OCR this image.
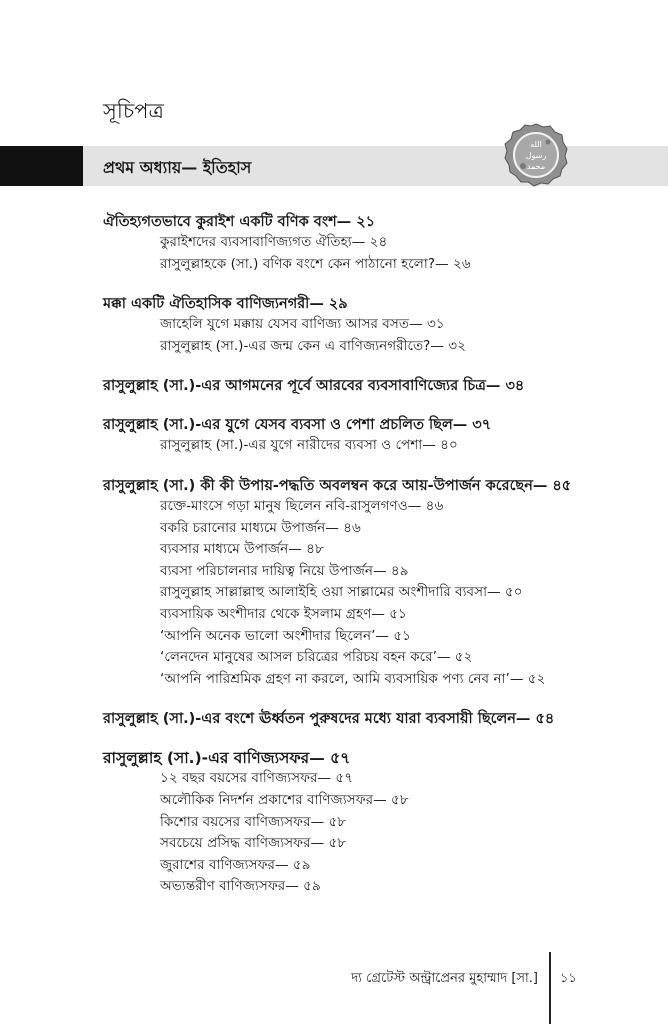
সূচিপত্র
প্রথম অধ্যায়— ইতিহাস
الله
رسول
محمد
ঐতিহ্যগতভাবে কুরাইশ একটি বণিক বংশ— ২১
কুরাইশদের ব্যবসাবাণিজ্যগত ঐতিহ্য— ২৪
রাসুলুল্লাহকে (সা.) বণিক বংশে কেন পাঠানো হলো?— ২৬
মক্কা একটি ঐতিহাসিক বাণিজ্যনগরী— ২৯
জাহেলি যুগে মক্কায় যেসব বাণিজ্য আসর বসত— ৩১
রাসুলুল্লাহ (সা.)-এর জন্ম কেন এ বাণিজ্যনগরীতে?— ৩২
রাসুলুল্লাহ (সা.)-এর আগমনের পূর্বে আরবের ব্যবসাবাণিজ্যের চিত্র— ৩৪
রাসুলুল্লাহ (সা.)-এর যুগে যেসব ব্যবসা ও পেশা প্রচলিত ছিল— ৩৭
রাসুলুল্লাহ (সা.)-এর যুগে নারীদের ব্যবসা ও পেশা— ৪০
রাসুলুল্লাহ (সা.) কী কী উপায়-পদ্ধতি অবলম্বন করে আয়-উপার্জন করেছেন— ৪৫
রক্তে-মাংসে গড়া মানুষ ছিলেন নবি-রাসুলগণও— ৪৬
বকরি চরানোর মাধ্যমে উপার্জন— ৪৬
ব্যবসার মাধ্যমে উপার্জন— ৪৮
ব্যবসা পরিচালনার দায়িত্ব নিয়ে উপার্জন— ৪৯
রাসুলুল্লাহ সাল্লাল্লাহু আলাইহি ওয়া সাল্লামের অংশীদারি ব্যবসা— ৫০
ব্যবসায়িক অংশীদার থেকে ইসলাম গ্রহণ— ৫১
‘আপনি অনেক ভালো অংশীদার ছিলেন’— ৫১
‘লেনদেন মানুষের আসল চরিত্রের পরিচয় বহন করে’— ৫২
‘আপনি পারিশ্রমিক গ্রহণ না করলে, আমি ব্যবসায়িক পণ্য নেব না’— ৫২
রাসুলুল্লাহ (সা.)-এর বংশে ঊর্ধ্বতন পুরুষদের মধ্যে যারা ব্যবসায়ী ছিলেন— ৫৪
রাসুলুল্লাহ (সা.)-এর বাণিজ্যসফর— ৫৭
১২ বছর বয়সের বাণিজ্যসফর— ৫৭
অলৌকিক নিদর্শন প্রকাশের বাণিজ্যসফর— ৫৮
কিশোর বয়সের বাণিজ্যসফর— ৫৮
সবচেয়ে প্রসিদ্ধ বাণিজ্যসফর— ৫৮
জুরাশের বাণিজ্যসফর— ৫৯
অভ্যন্তরীণ বাণিজ্যসফর— ৫৯
দ্য গ্রেটেস্ট অন্ট্রাপ্রেনর মুহাম্মাদ [সা.] ১১
